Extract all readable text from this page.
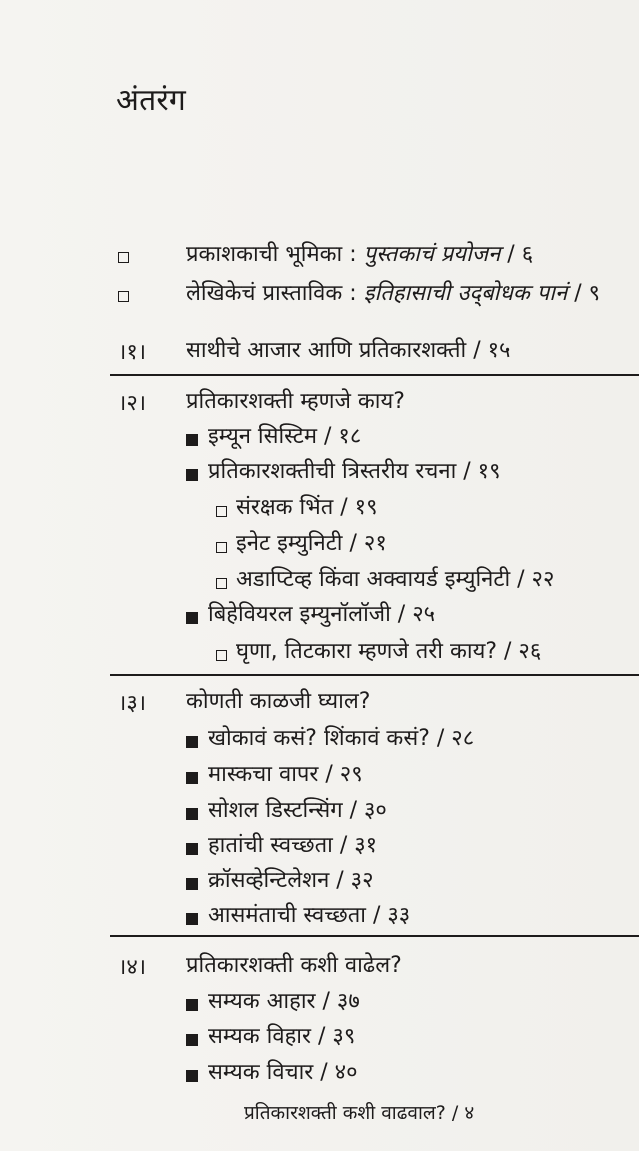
अंतरंग
प्रकाशकाची भूमिका : पुस्तकाचं प्रयोजन / ६
लेखिकेचं प्रास्ताविक : इतिहासाची उद्‌बोधक पानं / ९
।१। साथीचे आजार आणि प्रतिकारशक्ती / १५
।२। प्रतिकारशक्ती म्हणजे काय?
इम्यून सिस्टिम / १८
प्रतिकारशक्तीची त्रिस्तरीय रचना / १९
संरक्षक भिंत / १९
इनेट इम्युनिटी / २१
अडाप्टिव्ह किंवा अक्वायर्ड इम्युनिटी / २२
बिहेवियरल इम्युनॉलॉजी / २५
घृणा, तिटकारा म्हणजे तरी काय? / २६
।३। कोणती काळजी घ्याल?
खोकावं कसं? शिंकावं कसं? / २८
मास्कचा वापर / २९
सोशल डिस्टन्सिंग / ३०
हातांची स्वच्छता / ३१
क्रॉसव्हेन्टिलेशन / ३२
आसमंताची स्वच्छता / ३३
।४। प्रतिकारशक्ती कशी वाढेल?
सम्यक आहार / ३७
सम्यक विहार / ३९
सम्यक विचार / ४०
प्रतिकारशक्ती कशी वाढवाल? / ४
